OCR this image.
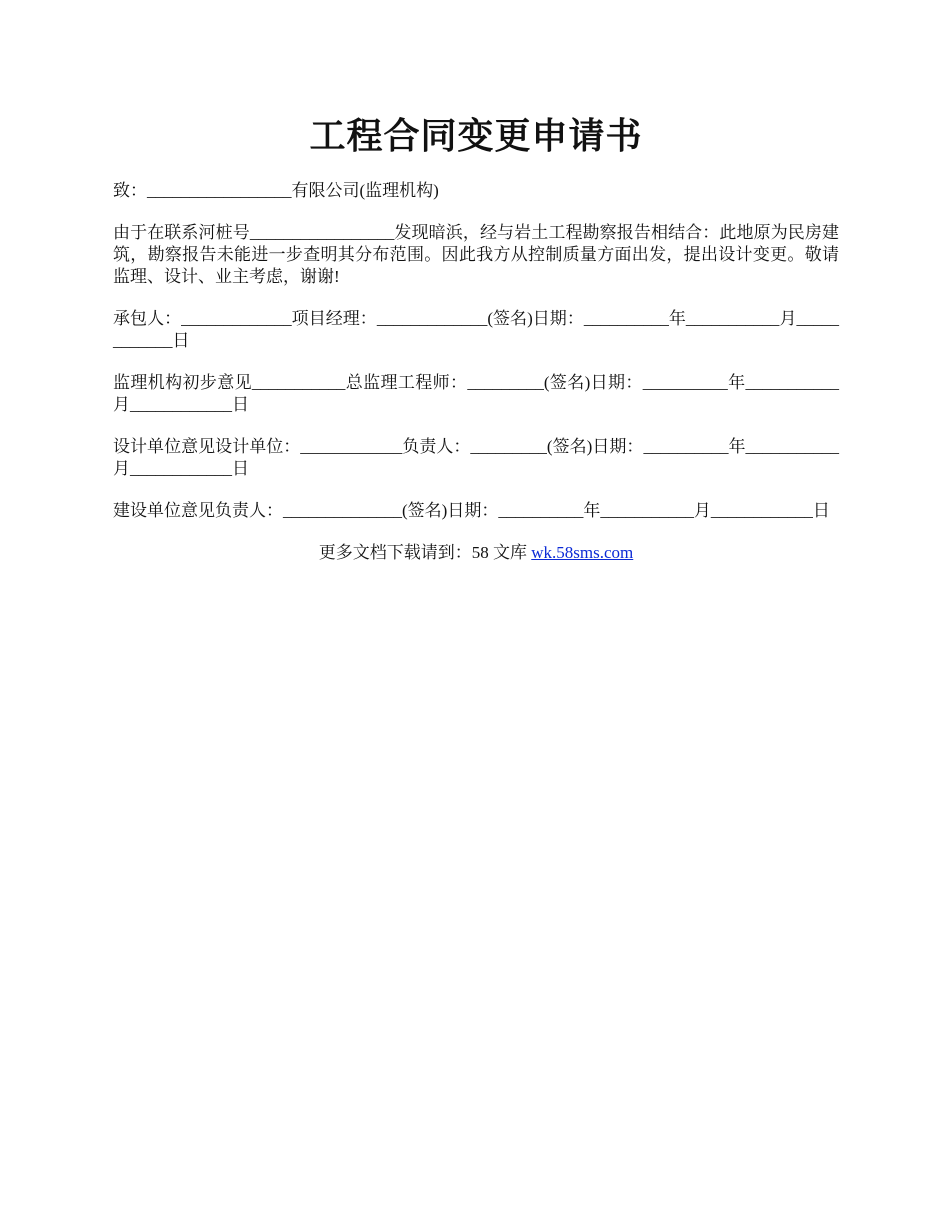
工程合同变更申请书

致：_________________有限公司(监理机构)

由于在联系河桩号_________________发现暗浜，经与岩土工程勘察报告相结合：此地原为民房建筑，勘察报告未能进一步查明其分布范围。因此我方从控制质量方面出发，提出设计变更。敬请监理、设计、业主考虑，谢谢!

承包人：_____________项目经理：_____________(签名)日期：__________年___________月____________日

监理机构初步意见___________总监理工程师：_________(签名)日期：__________年___________月____________日

设计单位意见设计单位：____________负责人：_________(签名)日期：__________年___________月____________日

建设单位意见负责人：______________(签名)日期：__________年___________月____________日

更多文档下载请到：58 文库 wk.58sms.com
